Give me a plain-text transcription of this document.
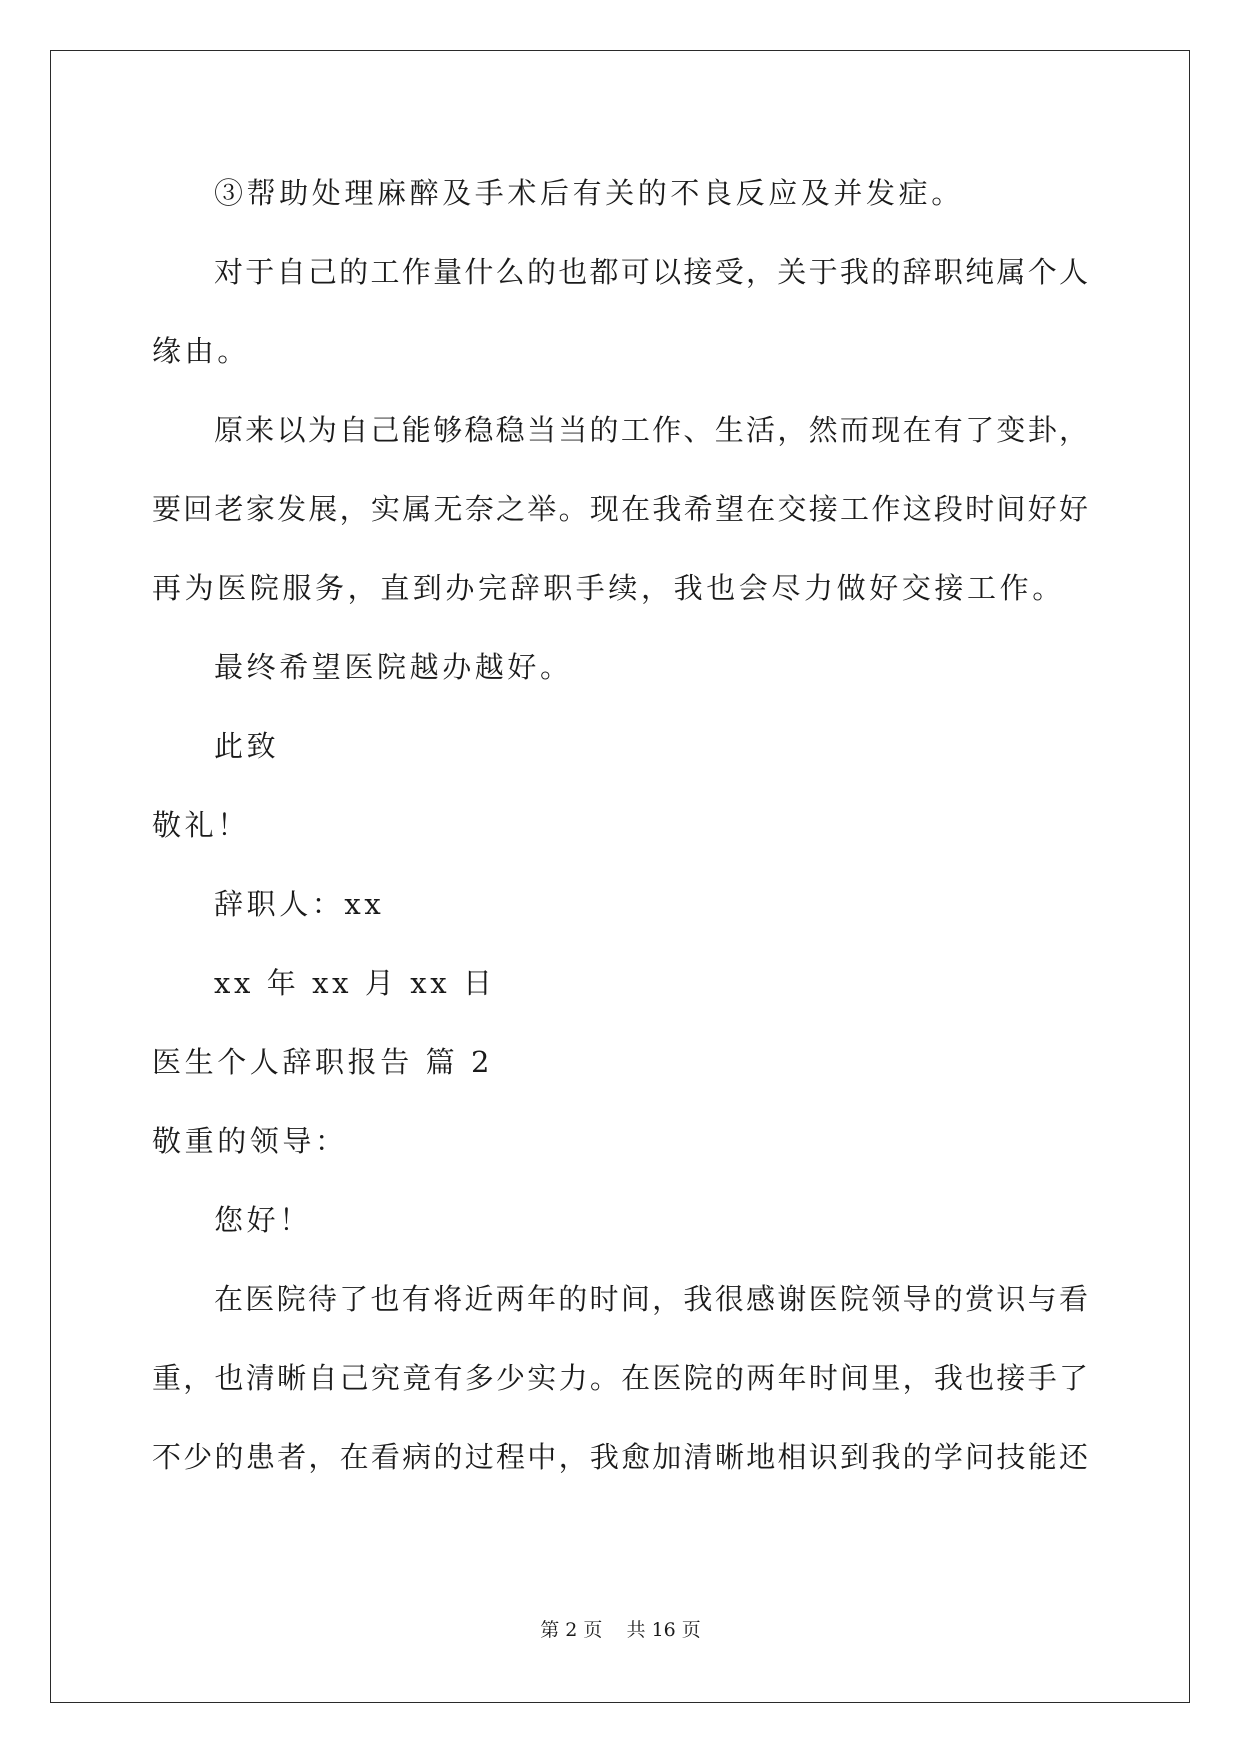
③帮助处理麻醉及手术后有关的不良反应及并发症。
对于自己的工作量什么的也都可以接受，关于我的辞职纯属个人
缘由。
原来以为自己能够稳稳当当的工作、生活，然而现在有了变卦，
要回老家发展，实属无奈之举。现在我希望在交接工作这段时间好好
再为医院服务，直到办完辞职手续，我也会尽力做好交接工作。
最终希望医院越办越好。
此致
敬礼！
辞职人：xx
xx 年 xx 月 xx 日
医生个人辞职报告 篇 2
敬重的领导：
您好！
在医院待了也有将近两年的时间，我很感谢医院领导的赏识与看
重，也清晰自己究竟有多少实力。在医院的两年时间里，我也接手了
不少的患者，在看病的过程中，我愈加清晰地相识到我的学问技能还
第 2 页    共 16 页
